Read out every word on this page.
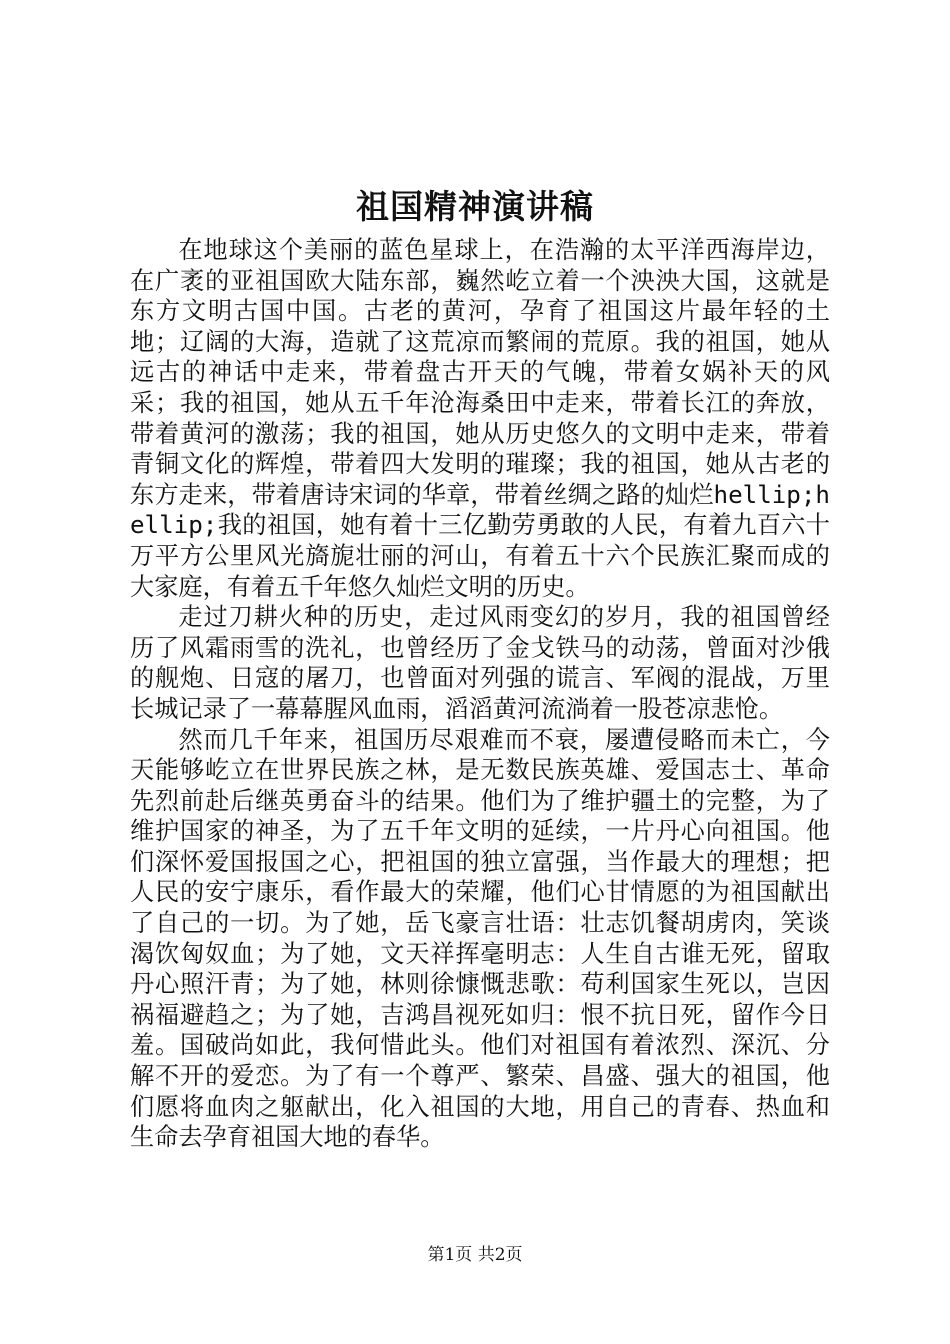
祖国精神演讲稿

在地球这个美丽的蓝色星球上，在浩瀚的太平洋西海岸边，在广袤的亚祖国欧大陆东部，巍然屹立着一个泱泱大国，这就是东方文明古国中国。古老的黄河，孕育了祖国这片最年轻的土地；辽阔的大海，造就了这荒凉而繁闹的荒原。我的祖国，她从远古的神话中走来，带着盘古开天的气魄，带着女娲补天的风采；我的祖国，她从五千年沧海桑田中走来，带着长江的奔放，带着黄河的激荡；我的祖国，她从历史悠久的文明中走来，带着青铜文化的辉煌，带着四大发明的璀璨；我的祖国，她从古老的东方走来，带着唐诗宋词的华章，带着丝绸之路的灿烂hellip;hellip;我的祖国，她有着十三亿勤劳勇敢的人民，有着九百六十万平方公里风光旖旎壮丽的河山，有着五十六个民族汇聚而成的大家庭，有着五千年悠久灿烂文明的历史。

走过刀耕火种的历史，走过风雨变幻的岁月，我的祖国曾经历了风霜雨雪的洗礼，也曾经历了金戈铁马的动荡，曾面对沙俄的舰炮、日寇的屠刀，也曾面对列强的谎言、军阀的混战，万里长城记录了一幕幕腥风血雨，滔滔黄河流淌着一股苍凉悲怆。

然而几千年来，祖国历尽艰难而不衰，屡遭侵略而未亡，今天能够屹立在世界民族之林，是无数民族英雄、爱国志士、革命先烈前赴后继英勇奋斗的结果。他们为了维护疆土的完整，为了维护国家的神圣，为了五千年文明的延续，一片丹心向祖国。他们深怀爱国报国之心，把祖国的独立富强，当作最大的理想；把人民的安宁康乐，看作最大的荣耀，他们心甘情愿的为祖国献出了自己的一切。为了她，岳飞豪言壮语：壮志饥餐胡虏肉，笑谈渴饮匈奴血；为了她，文天祥挥毫明志：人生自古谁无死，留取丹心照汗青；为了她，林则徐慷慨悲歌：苟利国家生死以，岂因祸福避趋之；为了她，吉鸿昌视死如归：恨不抗日死，留作今日羞。国破尚如此，我何惜此头。他们对祖国有着浓烈、深沉、分解不开的爱恋。为了有一个尊严、繁荣、昌盛、强大的祖国，他们愿将血肉之躯献出，化入祖国的大地，用自己的青春、热血和生命去孕育祖国大地的春华。

第1页 共2页
